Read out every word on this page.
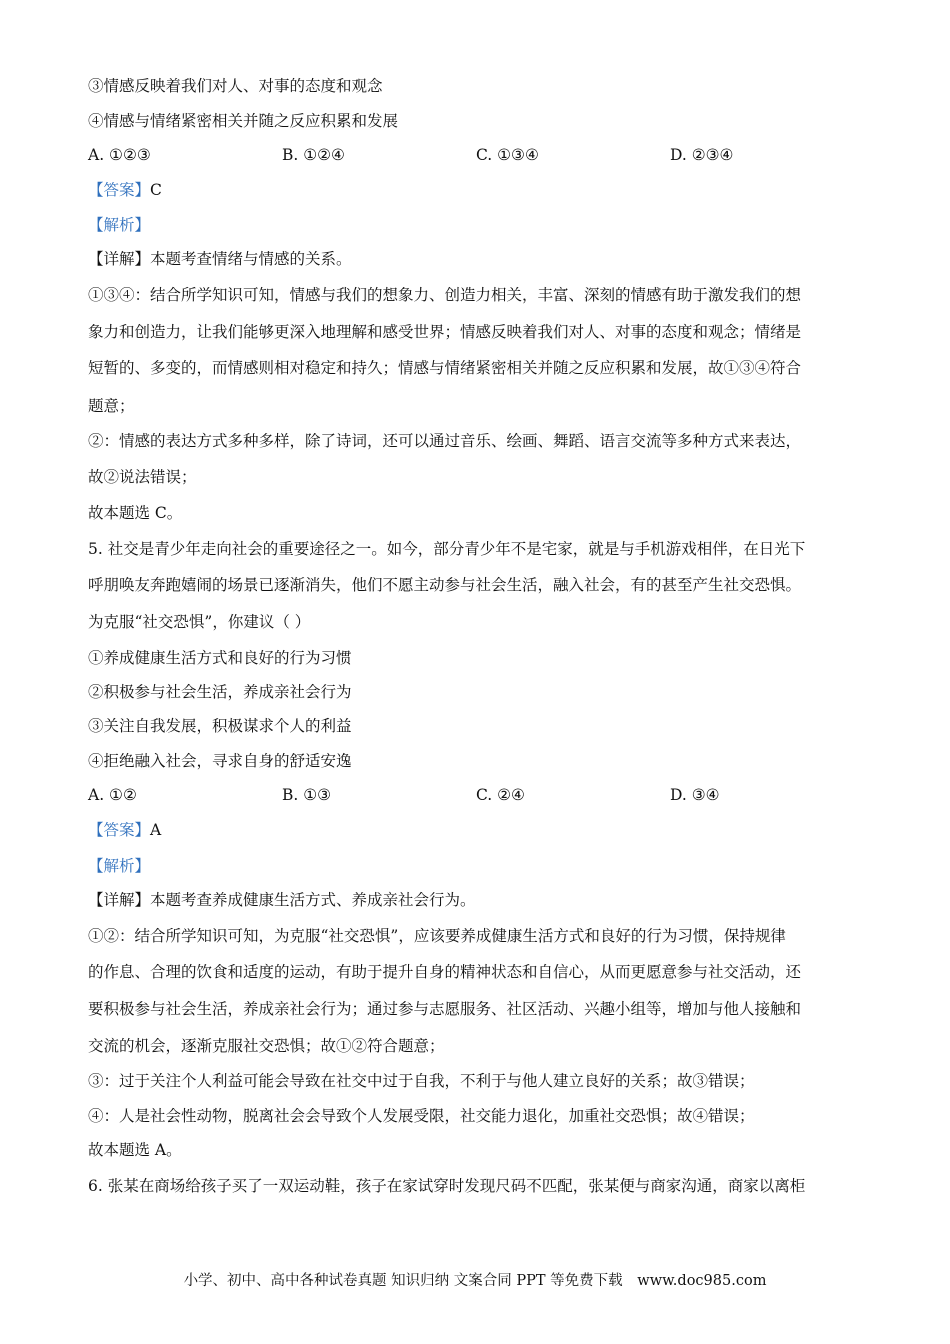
③情感反映着我们对人、对事的态度和观念
④情感与情绪紧密相关并随之反应积累和发展
A. ①②③	B. ①②④	C. ①③④	D. ②③④
【答案】C
【解析】
【详解】本题考查情绪与情感的关系。
①③④：结合所学知识可知，情感与我们的想象力、创造力相关，丰富、深刻的情感有助于激发我们的想
象力和创造力，让我们能够更深入地理解和感受世界；情感反映着我们对人、对事的态度和观念；情绪是
短暂的、多变的，而情感则相对稳定和持久；情感与情绪紧密相关并随之反应积累和发展，故①③④符合
题意；
②：情感的表达方式多种多样，除了诗词，还可以通过音乐、绘画、舞蹈、语言交流等多种方式来表达，
故②说法错误；
故本题选 C。
5. 社交是青少年走向社会的重要途径之一。如今，部分青少年不是宅家，就是与手机游戏相伴，在日光下
呼朋唤友奔跑嬉闹的场景已逐渐消失，他们不愿主动参与社会生活，融入社会，有的甚至产生社交恐惧。
为克服“社交恐惧”，你建议（ ）
①养成健康生活方式和良好的行为习惯
②积极参与社会生活，养成亲社会行为
③关注自我发展，积极谋求个人的利益
④拒绝融入社会，寻求自身的舒适安逸
A. ①②	B. ①③	C. ②④	D. ③④
【答案】A
【解析】
【详解】本题考查养成健康生活方式、养成亲社会行为。
①②：结合所学知识可知，为克服“社交恐惧”，应该要养成健康生活方式和良好的行为习惯，保持规律
的作息、合理的饮食和适度的运动，有助于提升自身的精神状态和自信心，从而更愿意参与社交活动，还
要积极参与社会生活，养成亲社会行为；通过参与志愿服务、社区活动、兴趣小组等，增加与他人接触和
交流的机会，逐渐克服社交恐惧；故①②符合题意；
③：过于关注个人利益可能会导致在社交中过于自我，不利于与他人建立良好的关系；故③错误；
④：人是社会性动物，脱离社会会导致个人发展受限，社交能力退化，加重社交恐惧；故④错误；
故本题选 A。
6. 张某在商场给孩子买了一双运动鞋，孩子在家试穿时发现尺码不匹配，张某便与商家沟通，商家以离柜
小学、初中、高中各种试卷真题 知识归纳 文案合同 PPT 等免费下载 www.doc985.com
